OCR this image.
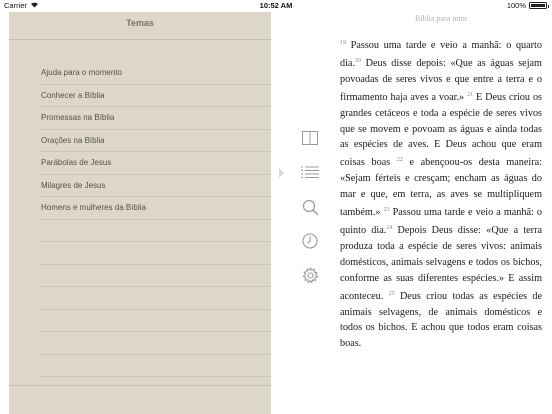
Carrier	10:52 AM	100%
Temas
Ajuda para o momento
Conhecer a Bíblia
Promessas na Bíblia
Orações na Bíblia
Parábolas de Jesus
Milagres de Jesus
Homens e mulheres da Bíblia
Bíblia para mim

$^{19}$ Passou uma tarde e veio a manhã: o quarto dia.$^{20}$ Deus disse depois: «Que as águas sejam povoadas de seres vivos e que entre a terra e o firmamento haja aves a voar.» $^{21}$ E Deus criou os grandes cetáceos e toda a espécie de seres vivos que se movem e povoam as águas e ainda todas as espécies de aves. E Deus achou que eram coisas boas $^{22}$ e abençoou-os desta maneira: «Sejam férteis e cresçam; encham as águas do mar e que, em terra, as aves se multipliquem também.» $^{23}$ Passou uma tarde e veio a manhã: o quinto dia.$^{24}$ Depois Deus disse: «Que a terra produza toda a espécie de seres vivos: animais domésticos, animais selvagens e todos os bichos, conforme as suas diferentes espécies.» E assim aconteceu. $^{25}$ Deus criou todas as espécies de animais selvagens, de animais domésticos e todos os bichos. E achou que todos eram coisas boas.
